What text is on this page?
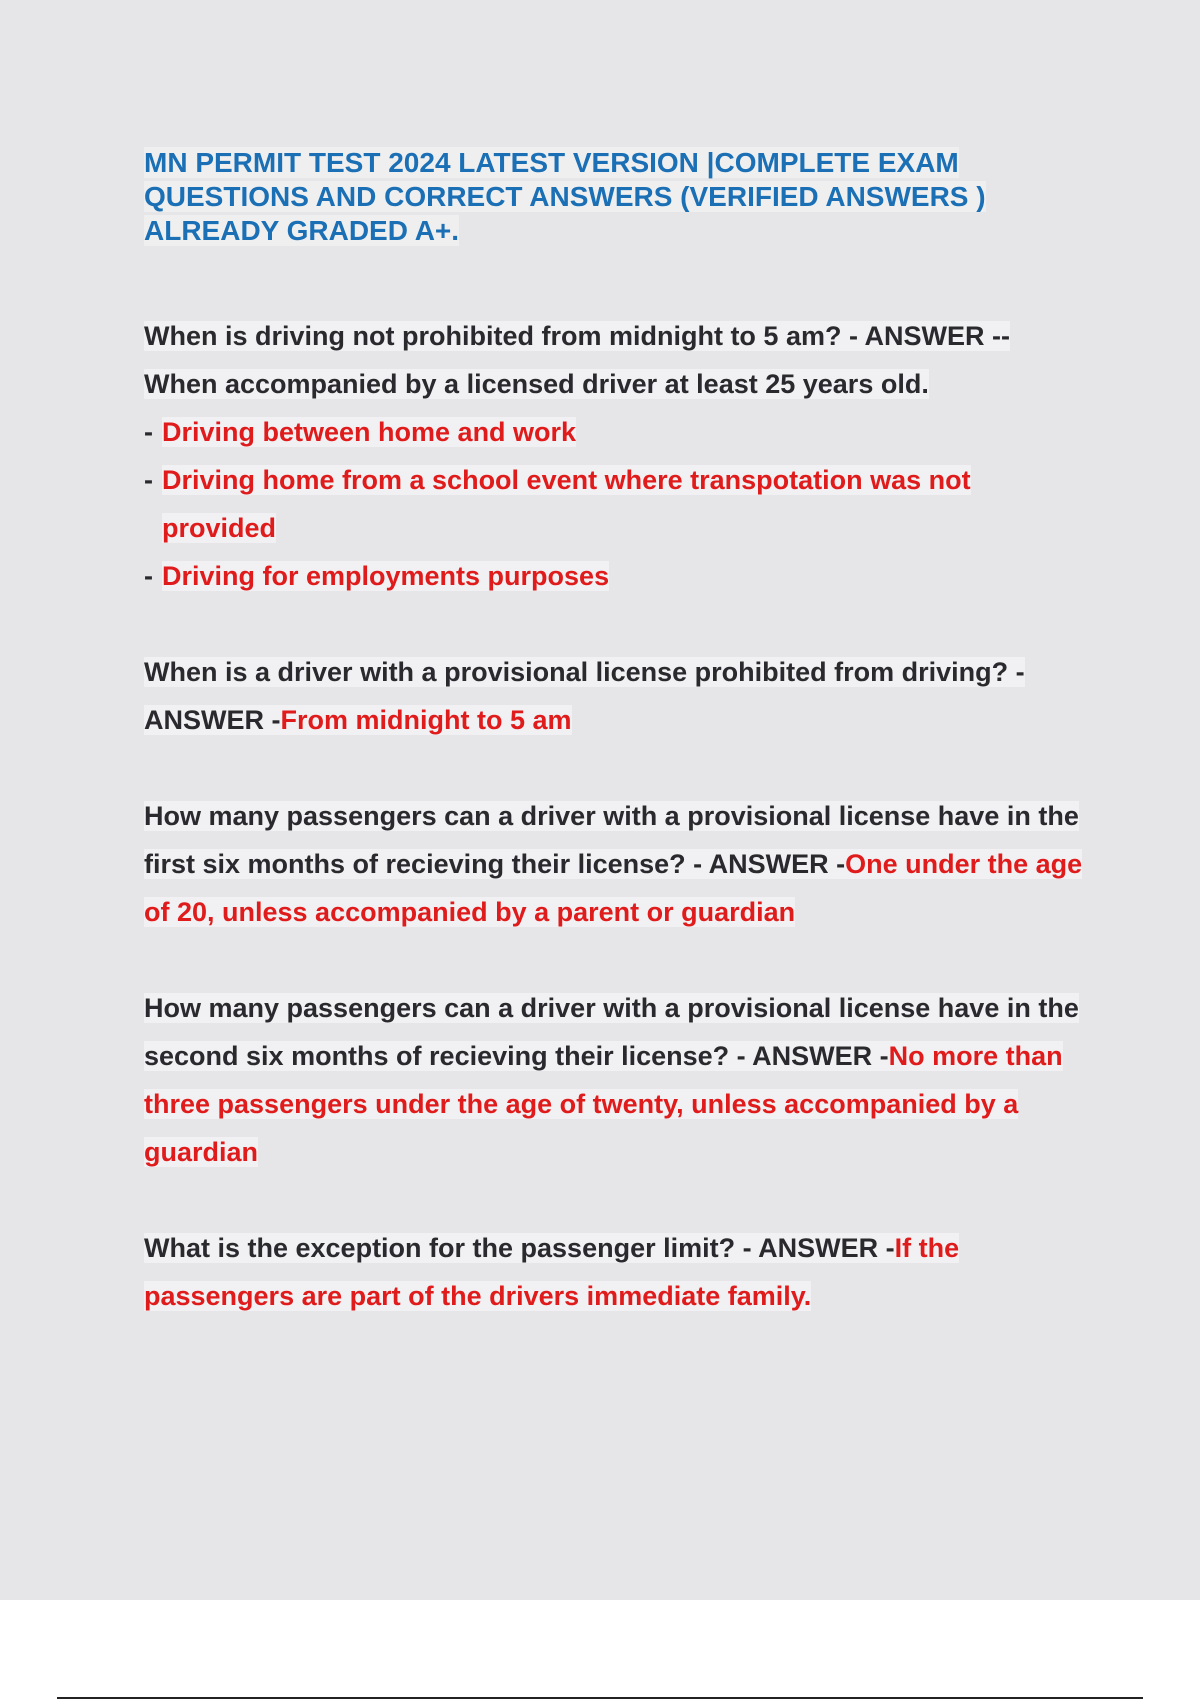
MN PERMIT TEST 2024 LATEST VERSION |COMPLETE EXAM
QUESTIONS AND CORRECT ANSWERS (VERIFIED ANSWERS )
ALREADY GRADED A+.

When is driving not prohibited from midnight to 5 am? - ANSWER --

When accompanied by a licensed driver at least 25 years old.

- Driving between home and work
- Driving home from a school event where transpotation was not provided
- Driving for employments purposes

When is a driver with a provisional license prohibited from driving? - ANSWER -From midnight to 5 am

How many passengers can a driver with a provisional license have in the first six months of recieving their license? - ANSWER -One under the age of 20, unless accompanied by a parent or guardian

How many passengers can a driver with a provisional license have in the second six months of recieving their license? - ANSWER -No more than three passengers under the age of twenty, unless accompanied by a guardian

What is the exception for the passenger limit? - ANSWER -If the passengers are part of the drivers immediate family.
